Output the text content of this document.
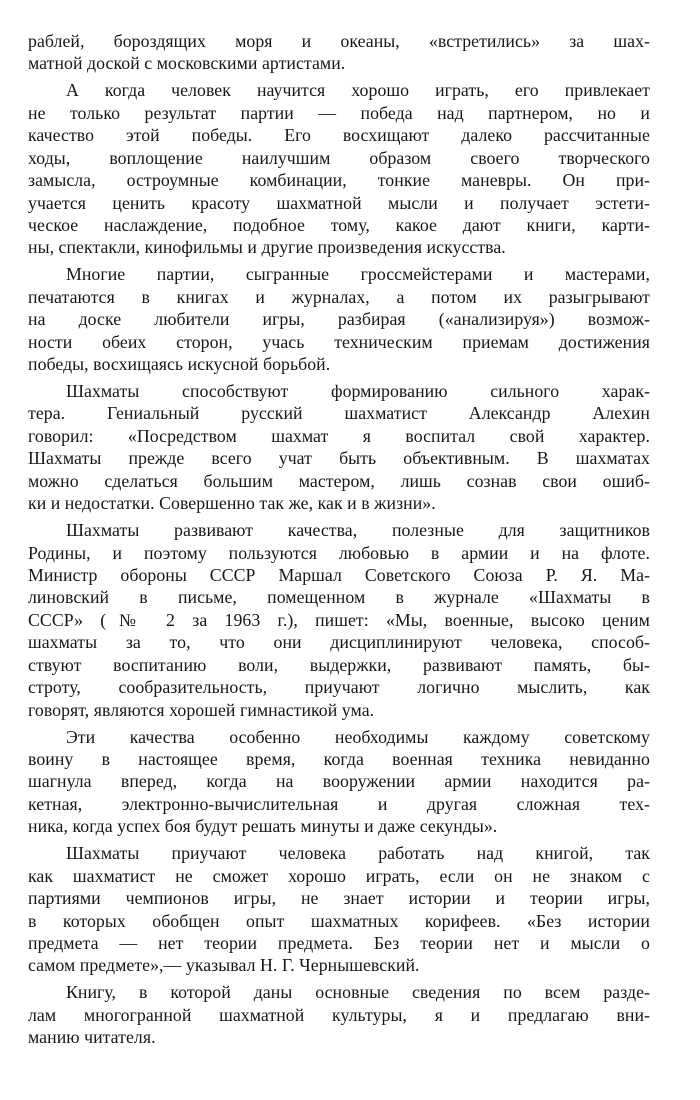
раблей, бороздящих моря и океаны, «встретились» за шах-
матной доской с московскими артистами.
А когда человек научится хорошо играть, его привлекает
не только результат партии — победа над партнером, но и
качество этой победы. Его восхищают далеко рассчитанные
ходы, воплощение наилучшим образом своего творческого
замысла, остроумные комбинации, тонкие маневры. Он при-
учается ценить красоту шахматной мысли и получает эстети-
ческое наслаждение, подобное тому, какое дают книги, карти-
ны, спектакли, кинофильмы и другие произведения искусства.
Многие партии, сыгранные гроссмейстерами и мастерами,
печатаются в книгах и журналах, а потом их разыгрывают
на доске любители игры, разбирая («анализируя») возмож-
ности обеих сторон, учась техническим приемам достижения
победы, восхищаясь искусной борьбой.
Шахматы способствуют формированию сильного харак-
тера. Гениальный русский шахматист Александр Алехин
говорил: «Посредством шахмат я воспитал свой характер.
Шахматы прежде всего учат быть объективным. В шахматах
можно сделаться большим мастером, лишь сознав свои ошиб-
ки и недостатки. Совершенно так же, как и в жизни».
Шахматы развивают качества, полезные для защитников
Родины, и поэтому пользуются любовью в армии и на флоте.
Министр обороны СССР Маршал Советского Союза Р. Я. Ма-
линовский в письме, помещенном в журнале «Шахматы в
СССР» (№ 2 за 1963 г.), пишет: «Мы, военные, высоко ценим
шахматы за то, что они дисциплинируют человека, способ-
ствуют воспитанию воли, выдержки, развивают память, бы-
строту, сообразительность, приучают логично мыслить, как
говорят, являются хорошей гимнастикой ума.
Эти качества особенно необходимы каждому советскому
воину в настоящее время, когда военная техника невиданно
шагнула вперед, когда на вооружении армии находится ра-
кетная, электронно-вычислительная и другая сложная тех-
ника, когда успех боя будут решать минуты и даже секунды».
Шахматы приучают человека работать над книгой, так
как шахматист не сможет хорошо играть, если он не знаком с
партиями чемпионов игры, не знает истории и теории игры,
в которых обобщен опыт шахматных корифеев. «Без истории
предмета — нет теории предмета. Без теории нет и мысли о
самом предмете»,— указывал Н. Г. Чернышевский.
Книгу, в которой даны основные сведения по всем разде-
лам многогранной шахматной культуры, я и предлагаю вни-
манию читателя.
